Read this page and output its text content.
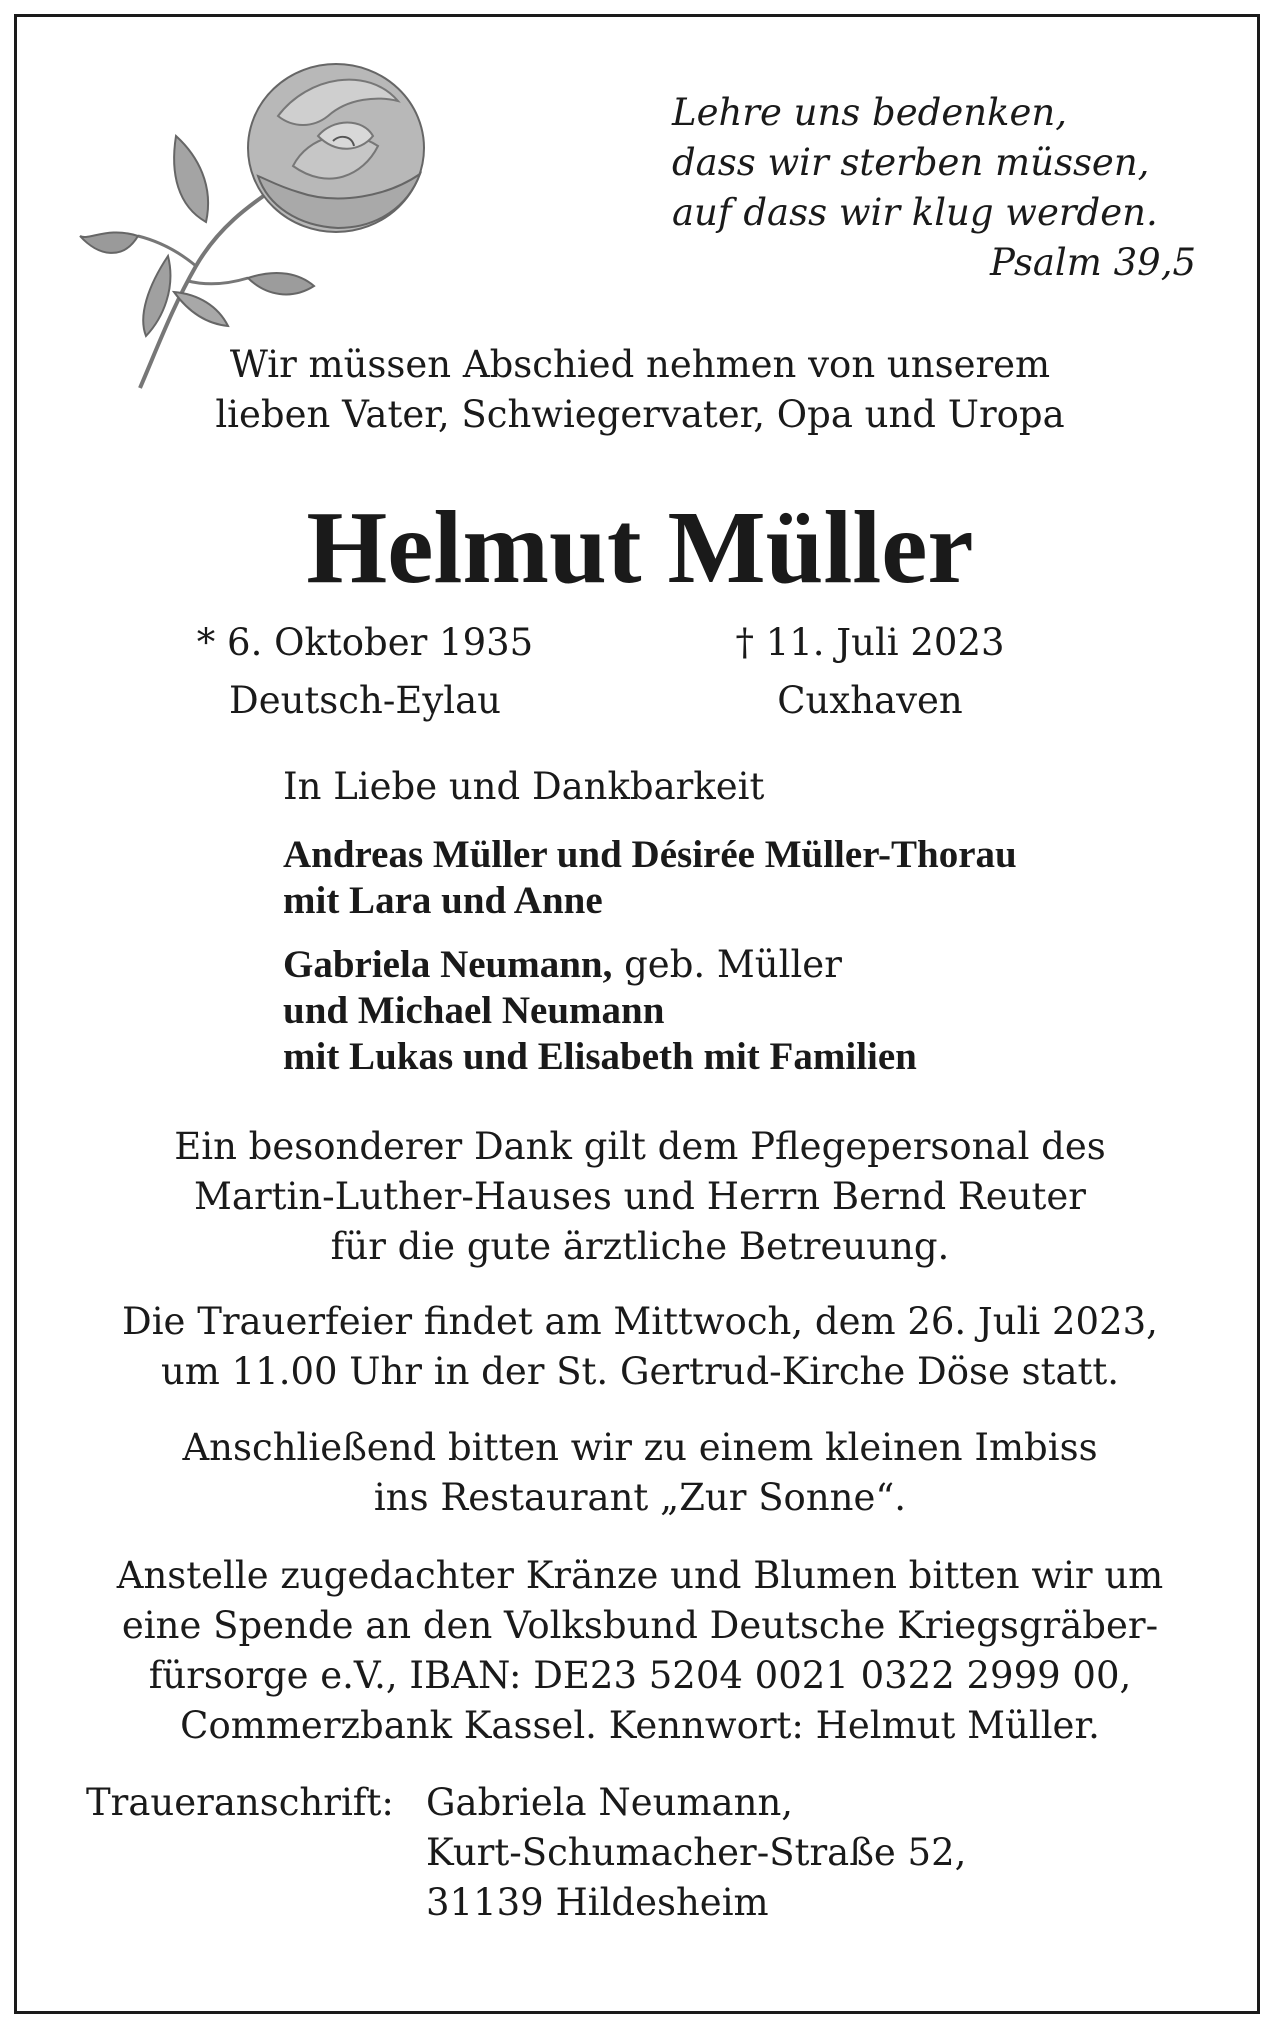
Lehre uns bedenken,
dass wir sterben müssen,
auf dass wir klug werden.
Psalm 39,5
Wir müssen Abschied nehmen von unserem
lieben Vater, Schwiegervater, Opa und Uropa
Helmut Müller
* 6. Oktober 1935
Deutsch-Eylau
† 11. Juli 2023
Cuxhaven
In Liebe und Dankbarkeit
Andreas Müller und Désirée Müller-Thorau
mit Lara und Anne
Gabriela Neumann, geb. Müller
und Michael Neumann
mit Lukas und Elisabeth mit Familien
Ein besonderer Dank gilt dem Pflegepersonal des
Martin-Luther-Hauses und Herrn Bernd Reuter
für die gute ärztliche Betreuung.
Die Trauerfeier findet am Mittwoch, dem 26. Juli 2023,
um 11.00 Uhr in der St. Gertrud-Kirche Döse statt.
Anschließend bitten wir zu einem kleinen Imbiss
ins Restaurant „Zur Sonne“.
Anstelle zugedachter Kränze und Blumen bitten wir um
eine Spende an den Volksbund Deutsche Kriegsgräber-
fürsorge e.V., IBAN: DE23 5204 0021 0322 2999 00,
Commerzbank Kassel. Kennwort: Helmut Müller.
Traueranschrift: Gabriela Neumann,
Kurt-Schumacher-Straße 52,
31139 Hildesheim
